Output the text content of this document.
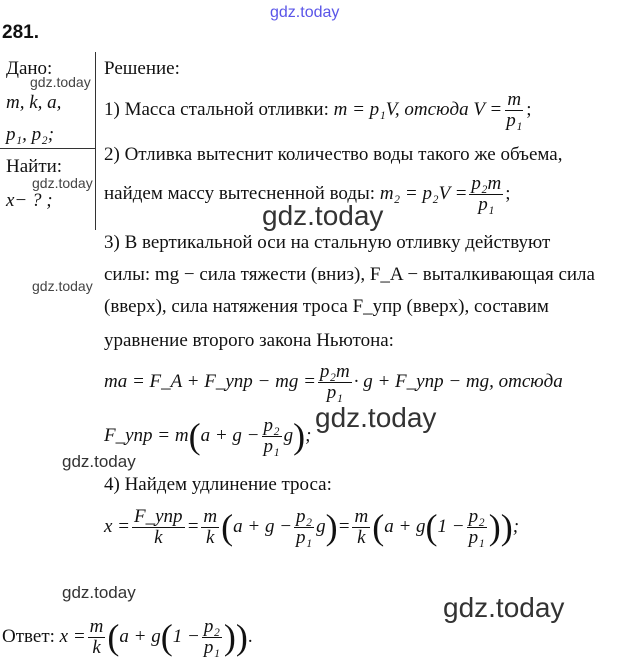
gdz.today
gdz.today
gdz.today
gdz.today
gdz.today
gdz.today
gdz.today
gdz.today	gdz.today
281.
Дано:
m, k, a,
p₁, p₂;
Найти:
x− ? ;
Решение:
1) Масса стальной отливки:
m = p₁V, отсюда $V = \frac{m}{\text{p₁}}$ ;
2) Отливка вытеснит количество воды такого же объема,
найдем массу вытесненной воды:
$m_2 = p_2V = \frac{\text{p₂m}}{\text{p₁}}$ ;
3) В вертикальной оси на стальную отливку действуют
силы: mg − сила тяжести (вниз), F_A − выталкивающая сила
(вверх), сила натяжения троса F_упр (вверх), составим
уравнение второго закона Ньютона:
ma = F_A + F_упр − mg = $\frac{\text{p₂m}}{\text{p₁}} \cdot g$ + F_упр − mg, отсюда
F_упр = m ( $a + g - \frac{\text{p₂}}{\text{p₁}}$ g ) ;
4) Найдем удлинение троса:
$x = \frac{\text{F\_упр}}{k} = \frac{m}{k}$ ( $a + g - \frac{\text{p₂}}{\text{p₁}}$ g ) = $\frac{m}{k}$ ( a + g ( $1 - \frac{\text{p₂}}{\text{p₁}}$ )) ;
Ответ:
$x = \frac{m}{k}$ ( a + g ( $1 - \frac{\text{p₂}}{\text{p₁}}$ )) .
